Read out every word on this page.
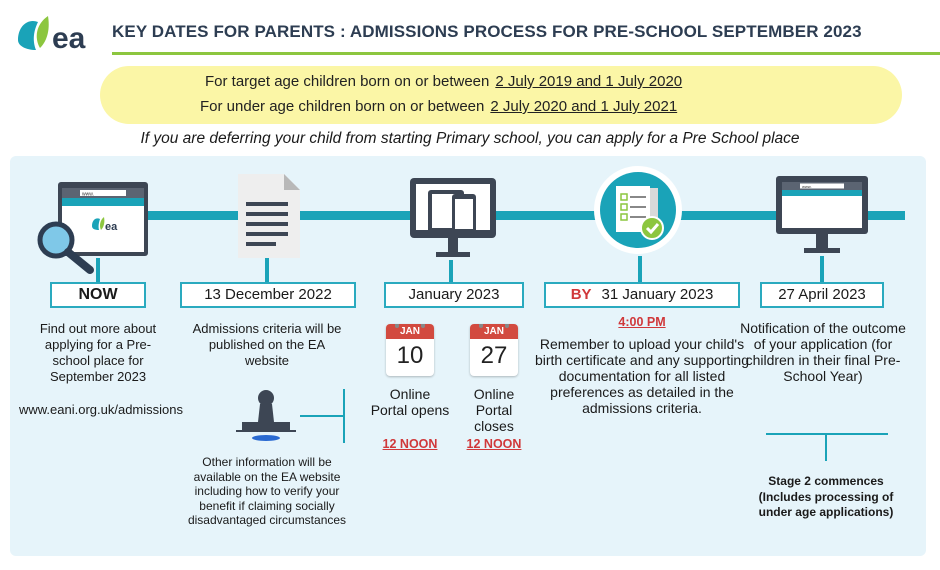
ea KEY DATES FOR PARENTS : ADMISSIONS PROCESS FOR PRE-SCHOOL SEPTEMBER 2023
For target age children born on or between 2 July 2019 and 1 July 2020
For under age children born on or between 2 July 2020 and 1 July 2021
If you are deferring your child from starting Primary school, you can apply for a Pre School place
www.
ea
NOW
Find out more about applying for a Pre-school place for September 2023
www.eani.org.uk/admissions
13 December 2022
Admissions criteria will be published on the EA website
Other information will be available on the EA website including how to verify your benefit if claiming socially disadvantaged circumstances
January 2023
JAN
10
Online Portal opens
12 NOON
JAN
27
Online Portal closes
12 NOON
BY 31 January 2023
4:00 PM
Remember to upload your child's birth certificate and any supporting documentation for all listed preferences as detailed in the admissions criteria.
www.
27 April 2023
Notification of the outcome of your application (for children in their final Pre-School Year)
Stage 2 commences (Includes processing of under age applications)
